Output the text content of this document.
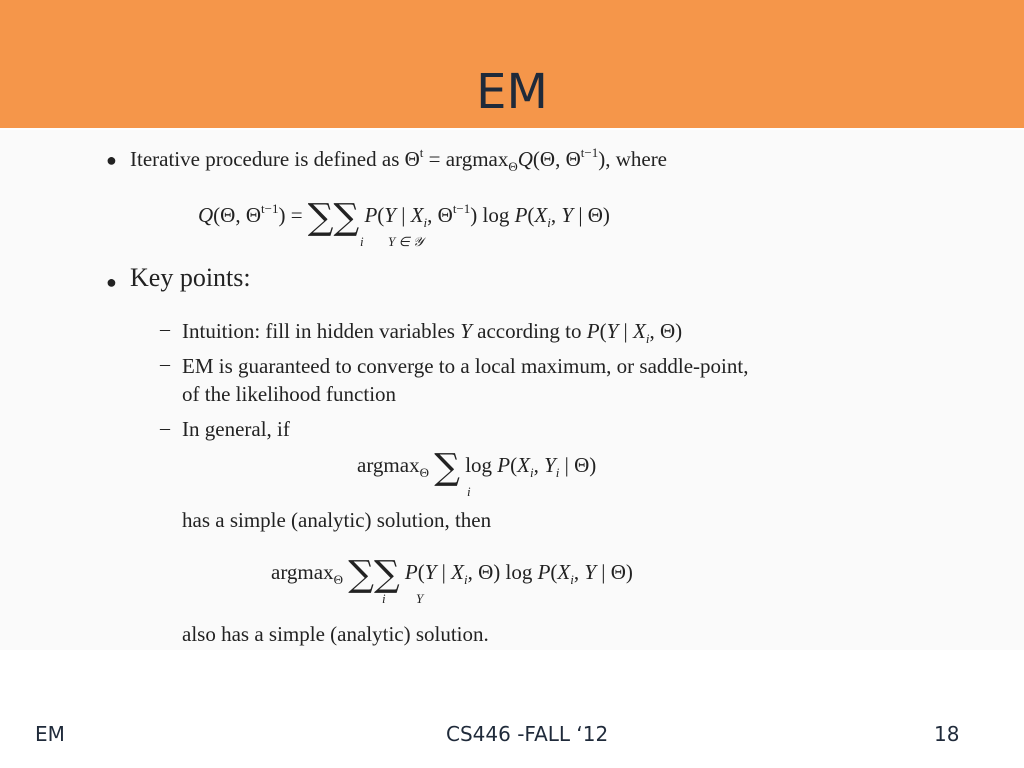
EM
● Iterative procedure is defined as $\Theta^t = argmax_\Theta Q(\Theta$, $\Theta^{t-1}$), where
Q(Θ, $\Theta^{t-1}$) = ∑∑ P(Y | $X_i$, $\Theta^{t-1}$) $\log P(X_i$, Y | Θ)
i Y ∈ 𝒴
● Key points:
– Intuition: fill in hidden variables Y according to P(Y | $X_i$, Θ)
– EM is guaranteed to converge to a local maximum, or saddle-point,
of the likelihood function
– In general, if
argmax$_\Theta$ ∑ $\log P(X_i$, $Y_i$ | Θ)
i
has a simple (analytic) solution, then
argmax$_\Theta$ ∑∑ P(Y | $X_i$, Θ) $\log P(X_i$, Y | Θ)
i Y
also has a simple (analytic) solution.
EM	CS446 -FALL ‘12	18
